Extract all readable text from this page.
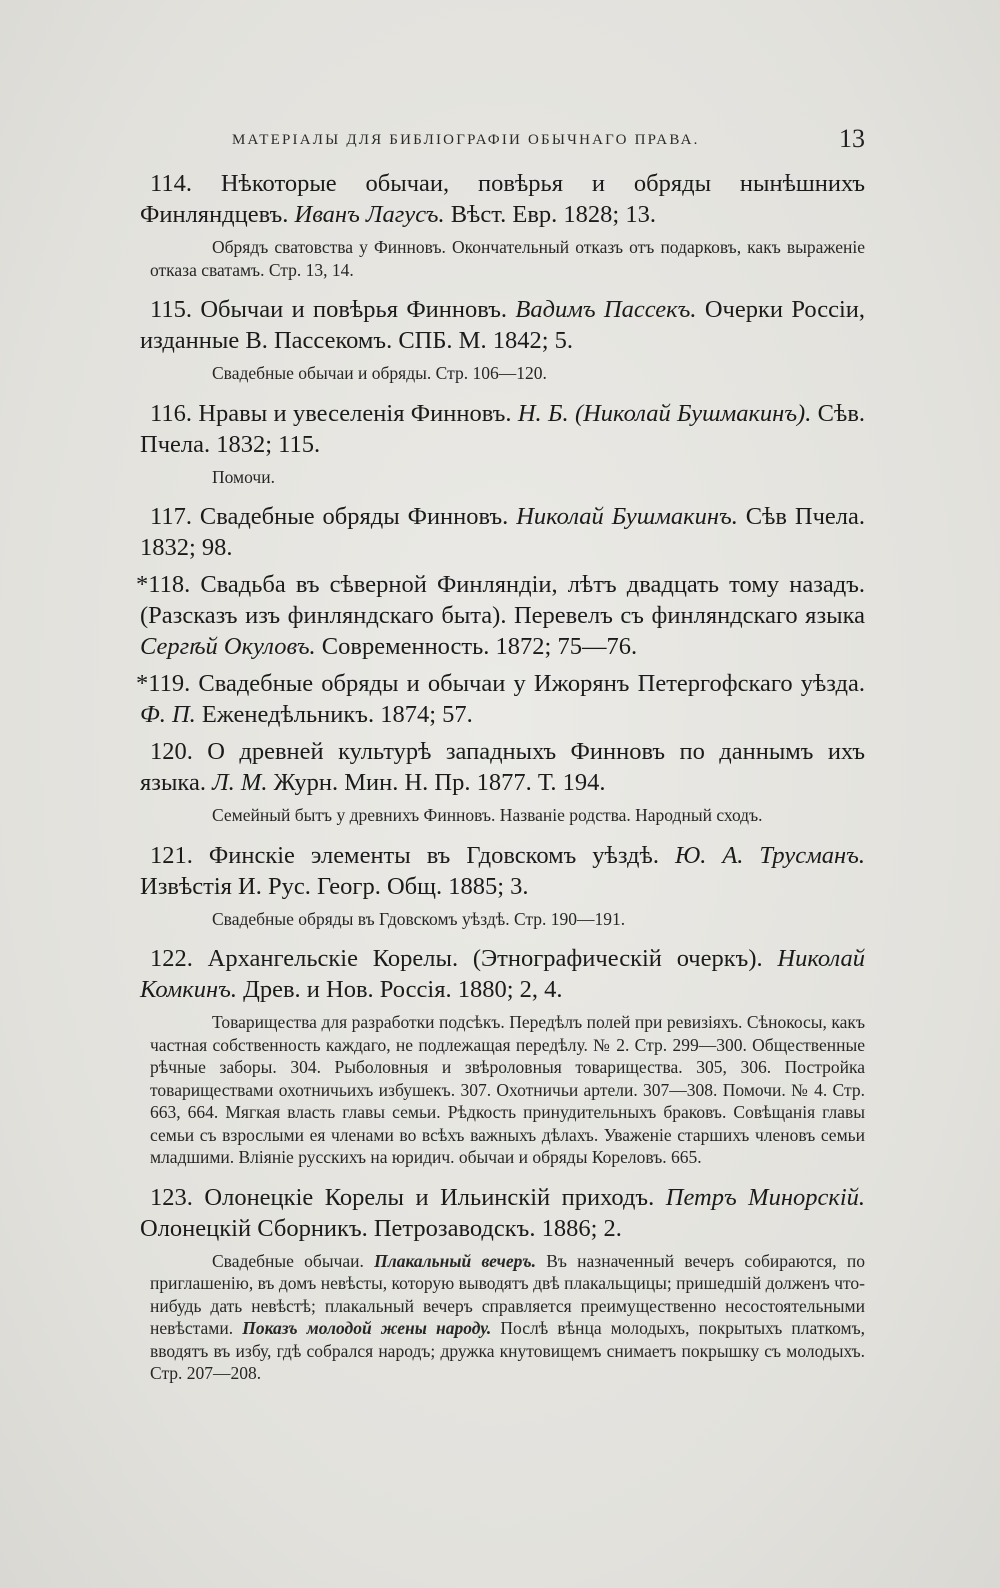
МАТЕРІАЛЫ ДЛЯ БИБЛІОГРАФІИ ОБЫЧНАГО ПРАВА.	13

114. Нѣкоторые обычаи, повѣрья и обряды нынѣшнихъ Финляндцевъ. Иванъ Лагусъ. Вѣст. Евр. 1828; 13.

Обрядъ сватовства у Финновъ. Окончательный отказъ отъ подарковъ, какъ выраженіе отказа сватамъ. Стр. 13, 14.

115. Обычаи и повѣрья Финновъ. Вадимъ Пассекъ. Очерки Россіи, изданные В. Пассекомъ. СПБ. М. 1842; 5.

Свадебные обычаи и обряды. Стр. 106—120.

116. Нравы и увеселенія Финновъ. Н. Б. (Николай Бушмакинъ). Сѣв. Пчела. 1832; 115.

Помочи.

117. Свадебные обряды Финновъ. Николай Бушмакинъ. Сѣв Пчела. 1832; 98.

*118. Свадьба въ сѣверной Финляндіи, лѣтъ двадцать тому назадъ. (Разсказъ изъ финляндскаго быта). Перевелъ съ финляндскаго языка Сергѣй Окуловъ. Современность. 1872; 75—76.

*119. Свадебные обряды и обычаи у Ижорянъ Петергофскаго уѣзда. Ф. П. Еженедѣльникъ. 1874; 57.

120. О древней культурѣ западныхъ Финновъ по даннымъ ихъ языка. Л. М. Журн. Мин. Н. Пр. 1877. Т. 194.

Семейный бытъ у древнихъ Финновъ. Названіе родства. Народный сходъ.

121. Финскіе элементы въ Гдовскомъ уѣздѣ. Ю. А. Трусманъ. Извѣстія И. Рус. Геогр. Общ. 1885; 3.

Свадебные обряды въ Гдовскомъ уѣздѣ. Стр. 190—191.

122. Архангельскіе Корелы. (Этнографическій очеркъ). Николай Комкинъ. Древ. и Нов. Россія. 1880; 2, 4.

Товарищества для разработки подсѣкъ. Передѣлъ полей при ревизіяхъ. Сѣнокосы, какъ частная собственность каждаго, не подлежащая передѣлу. № 2. Стр. 299—300. Общественные рѣчные заборы. 304. Рыболовныя и звѣроловныя товарищества. 305, 306. Постройка товариществами охотничьихъ избушекъ. 307. Охотничьи артели. 307—308. Помочи. № 4. Стр. 663, 664. Мягкая власть главы семьи. Рѣдкость принудительныхъ браковъ. Совѣщанія главы семьи съ взрослыми ея членами во всѣхъ важныхъ дѣлахъ. Уваженіе старшихъ членовъ семьи младшими. Вліяніе русскихъ на юридич. обычаи и обряды Кореловъ. 665.

123. Олонецкіе Корелы и Ильинскій приходъ. Петръ Минорскій. Олонецкій Сборникъ. Петрозаводскъ. 1886; 2.

Свадебные обычаи. Плакальный вечеръ. Въ назначенный вечеръ собираются, по приглашенію, въ домъ невѣсты, которую выводятъ двѣ плакальщицы; пришедшій долженъ что-нибудь дать невѣстѣ; плакальный вечеръ справляется преимущественно несостоятельными невѣстами. Показъ молодой жены народу. Послѣ вѣнца молодыхъ, покрытыхъ платкомъ, вводятъ въ избу, гдѣ собрался народъ; дружка кнутовищемъ снимаетъ покрышку съ молодыхъ. Стр. 207—208.
